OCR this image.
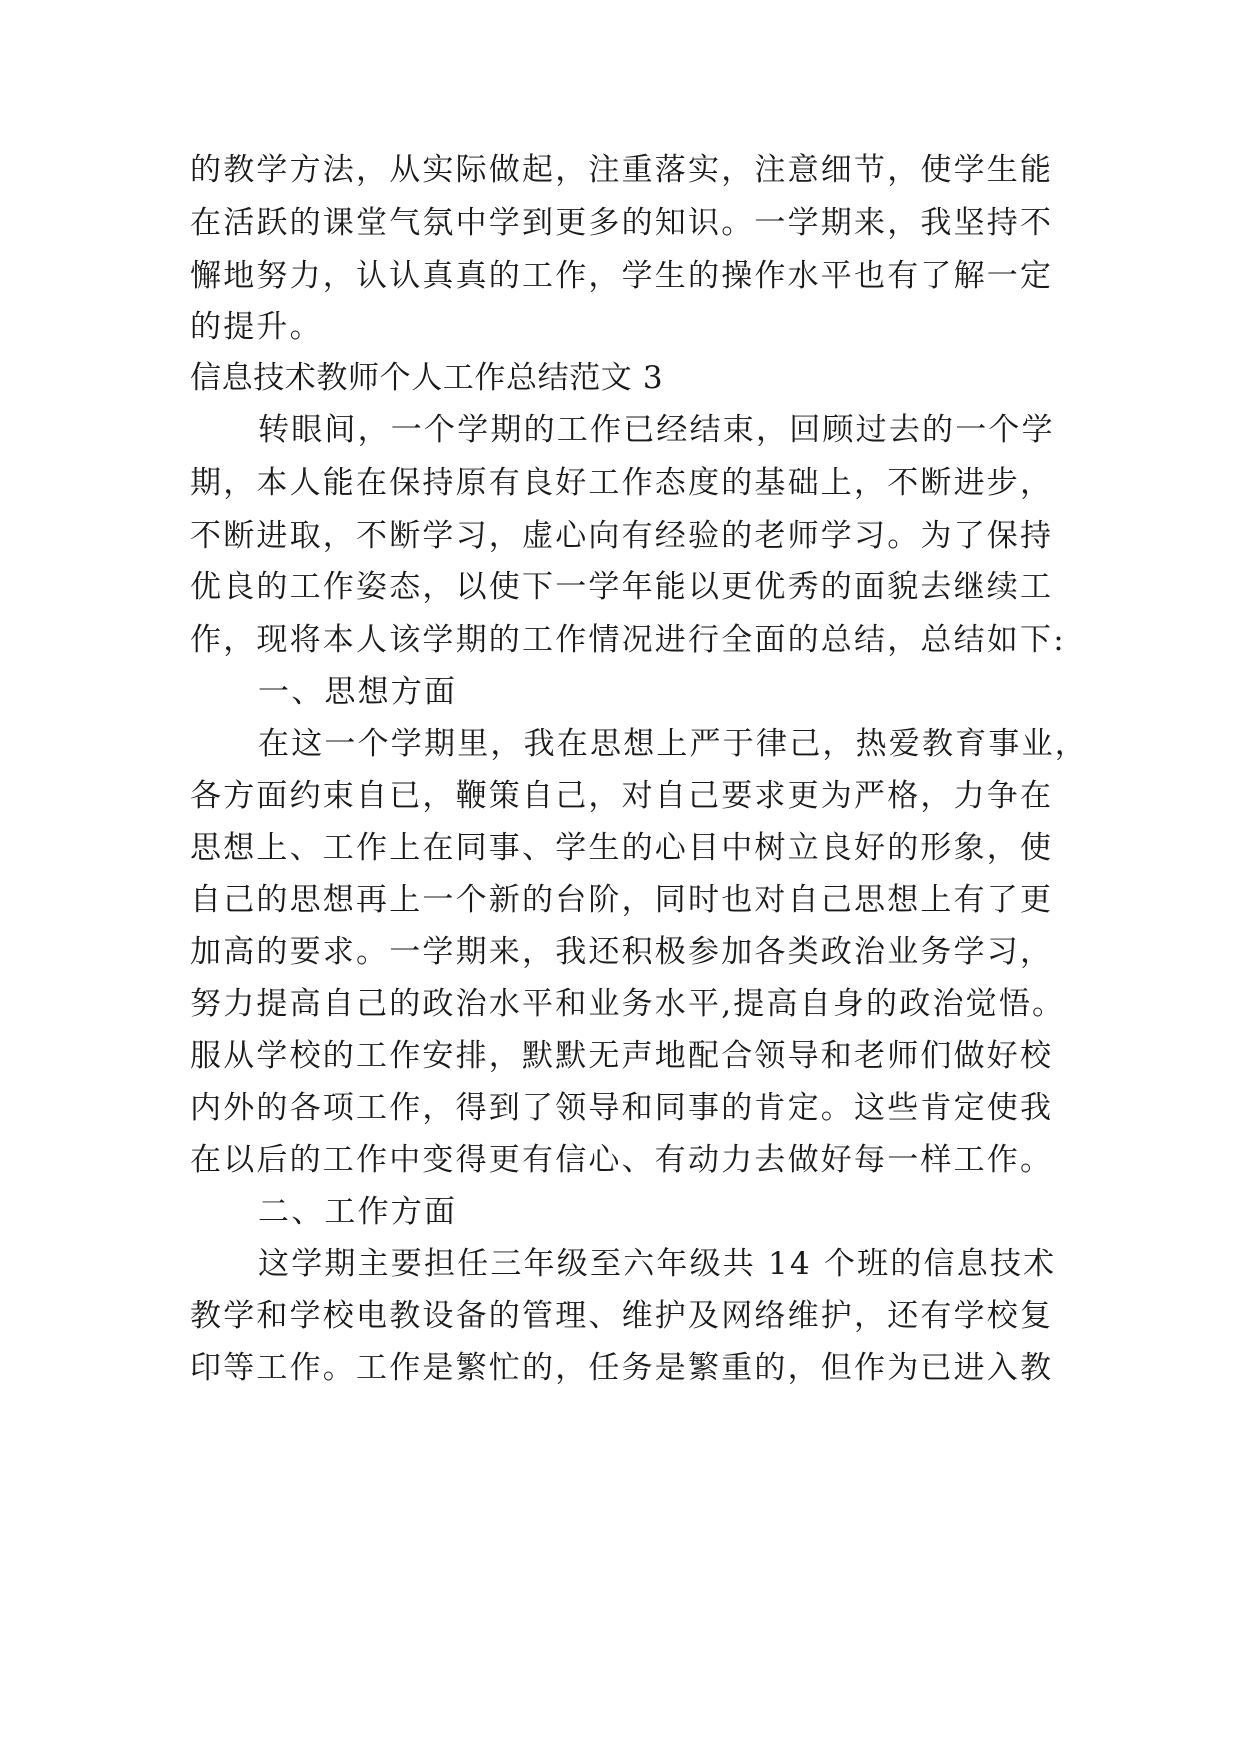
的教学方法，从实际做起，注重落实，注意细节，使学生能
在活跃的课堂气氛中学到更多的知识。一学期来，我坚持不
懈地努力，认认真真的工作，学生的操作水平也有了解一定
的提升。
信息技术教师个人工作总结范文 3
转眼间，一个学期的工作已经结束，回顾过去的一个学
期，本人能在保持原有良好工作态度的基础上，不断进步，
不断进取，不断学习，虚心向有经验的老师学习。为了保持
优良的工作姿态，以使下一学年能以更优秀的面貌去继续工
作，现将本人该学期的工作情况进行全面的总结，总结如下:
一、思想方面
在这一个学期里，我在思想上严于律己，热爱教育事业，
各方面约束自已，鞭策自己，对自己要求更为严格，力争在
思想上、工作上在同事、学生的心目中树立良好的形象，使
自己的思想再上一个新的台阶，同时也对自己思想上有了更
加高的要求。一学期来，我还积极参加各类政治业务学习，
努力提高自己的政治水平和业务水平,提高自身的政治觉悟。
服从学校的工作安排，默默无声地配合领导和老师们做好校
内外的各项工作，得到了领导和同事的肯定。这些肯定使我
在以后的工作中变得更有信心、有动力去做好每一样工作。
二、工作方面
这学期主要担任三年级至六年级共 14 个班的信息技术
教学和学校电教设备的管理、维护及网络维护，还有学校复
印等工作。工作是繁忙的，任务是繁重的，但作为已进入教
